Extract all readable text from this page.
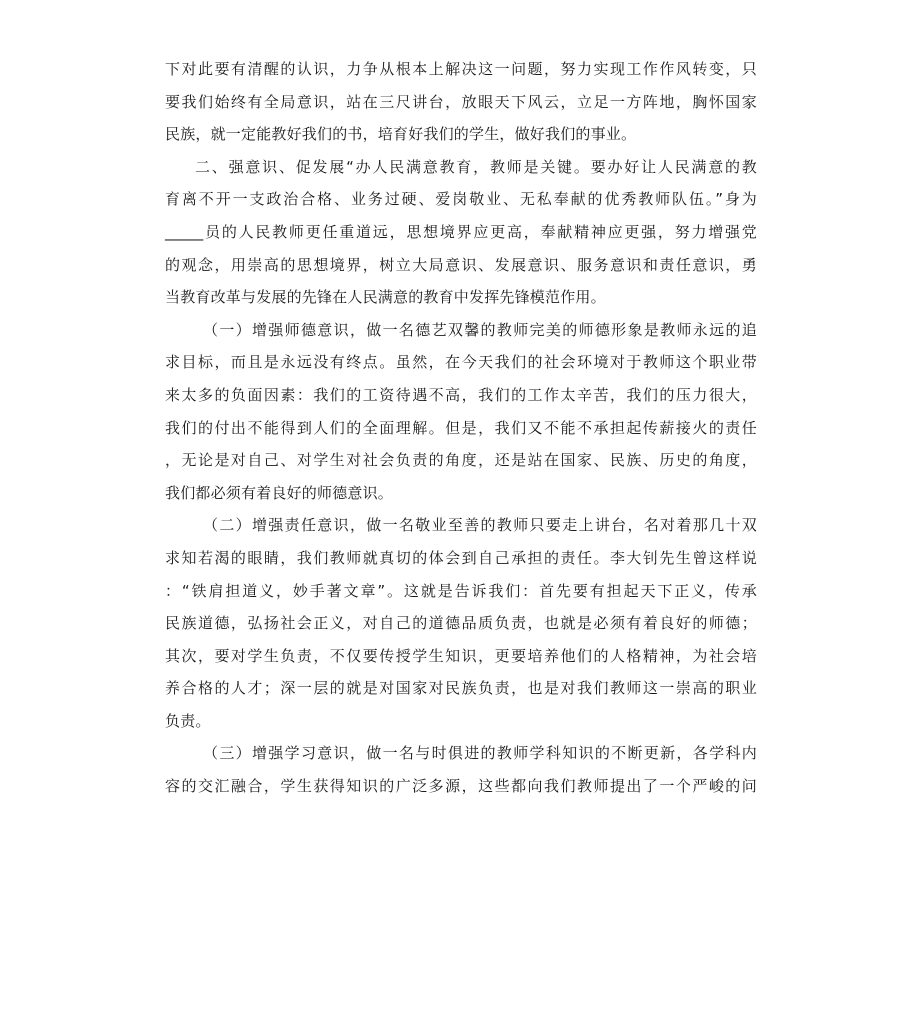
下对此要有清醒的认识，力争从根本上解决这一问题，努力实现工作作风转变，只
要我们始终有全局意识，站在三尺讲台，放眼天下风云，立足一方阵地，胸怀国家
民族，就一定能教好我们的书，培育好我们的学生，做好我们的事业。
二、强意识、促发展“办人民满意教育，教师是关键。要办好让人民满意的教
育离不开一支政治合格、业务过硬、爱岗敬业、无私奉献的优秀教师队伍。”身为
_____员的人民教师更任重道远，思想境界应更高，奉献精神应更强，努力增强党
的观念，用崇高的思想境界，树立大局意识、发展意识、服务意识和责任意识，勇
当教育改革与发展的先锋在人民满意的教育中发挥先锋模范作用。
（一）增强师德意识，做一名德艺双馨的教师完美的师德形象是教师永远的追
求目标，而且是永远没有终点。虽然，在今天我们的社会环境对于教师这个职业带
来太多的负面因素：我们的工资待遇不高，我们的工作太辛苦，我们的压力很大，
我们的付出不能得到人们的全面理解。但是，我们又不能不承担起传薪接火的责任
，无论是对自己、对学生对社会负责的角度，还是站在国家、民族、历史的角度，
我们都必须有着良好的师德意识。
（二）增强责任意识，做一名敬业至善的教师只要走上讲台，名对着那几十双
求知若渴的眼睛，我们教师就真切的体会到自己承担的责任。李大钊先生曾这样说
：“铁肩担道义，妙手著文章”。这就是告诉我们：首先要有担起天下正义，传承
民族道德，弘扬社会正义，对自己的道德品质负责，也就是必须有着良好的师德；
其次，要对学生负责，不仅要传授学生知识，更要培养他们的人格精神，为社会培
养合格的人才；深一层的就是对国家对民族负责，也是对我们教师这一崇高的职业
负责。
（三）增强学习意识，做一名与时俱进的教师学科知识的不断更新，各学科内
容的交汇融合，学生获得知识的广泛多源，这些都向我们教师提出了一个严峻的问
